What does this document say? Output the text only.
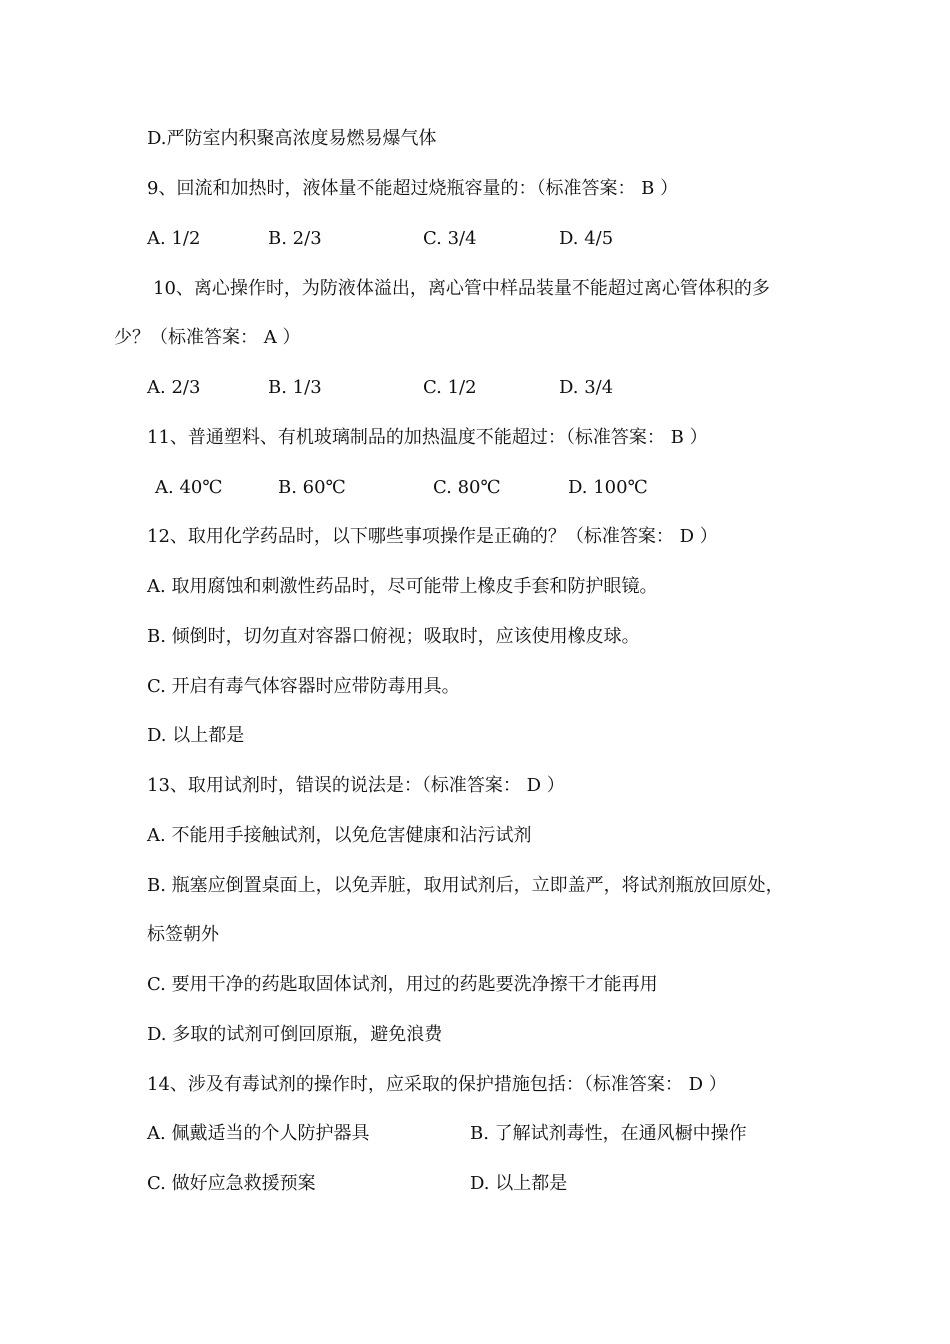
D.严防室内积聚高浓度易燃易爆气体
9、回流和加热时，液体量不能超过烧瓶容量的：（标准答案： B ）
A. 1/2	B. 2/3	C. 3/4	D. 4/5
10、离心操作时，为防液体溢出，离心管中样品装量不能超过离心管体积的多
少？（标准答案： A ）
A. 2/3	B. 1/3	C. 1/2	D. 3/4
11、普通塑料、有机玻璃制品的加热温度不能超过：（标准答案： B ）
A. 40℃	B. 60℃	C. 80℃	D. 100℃
12、取用化学药品时，以下哪些事项操作是正确的？（标准答案： D ）
A. 取用腐蚀和刺激性药品时，尽可能带上橡皮手套和防护眼镜。
B. 倾倒时，切勿直对容器口俯视；吸取时，应该使用橡皮球。
C. 开启有毒气体容器时应带防毒用具。
D. 以上都是
13、取用试剂时，错误的说法是：（标准答案： D ）
A. 不能用手接触试剂，以免危害健康和沾污试剂
B. 瓶塞应倒置桌面上，以免弄脏，取用试剂后，立即盖严，将试剂瓶放回原处，
标签朝外
C. 要用干净的药匙取固体试剂，用过的药匙要洗净擦干才能再用
D. 多取的试剂可倒回原瓶，避免浪费
14、涉及有毒试剂的操作时，应采取的保护措施包括：（标准答案： D ）
A. 佩戴适当的个人防护器具	B. 了解试剂毒性，在通风橱中操作
C. 做好应急救援预案	D. 以上都是
